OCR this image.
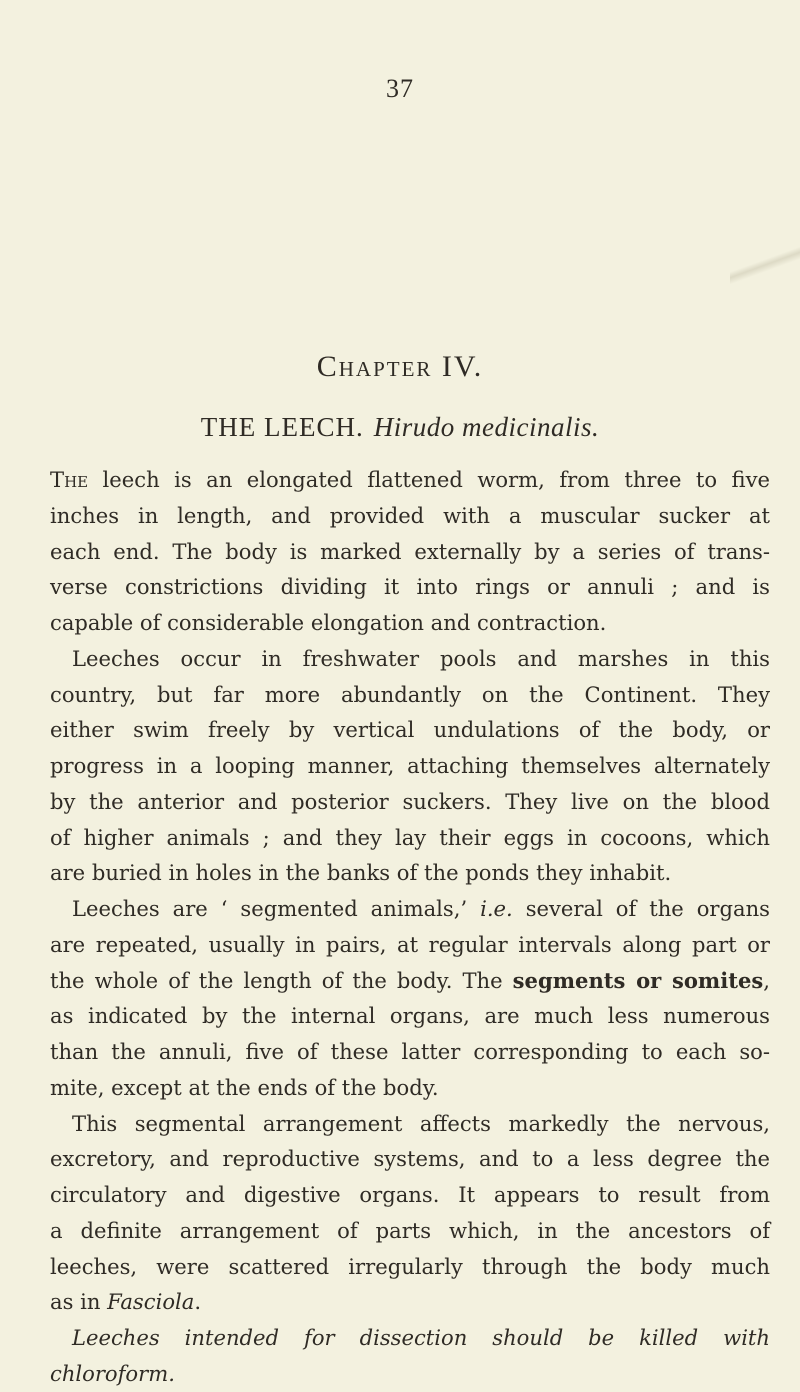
37
Chapter IV.
THE LEECH. Hirudo medicinalis.
The leech is an elongated flattened worm, from three to five
inches in length, and provided with a muscular sucker at
each end. The body is marked externally by a series of trans-
verse constrictions dividing it into rings or annuli ; and is
capable of considerable elongation and contraction.
Leeches occur in freshwater pools and marshes in this
country, but far more abundantly on the Continent. They
either swim freely by vertical undulations of the body, or
progress in a looping manner, attaching themselves alternately
by the anterior and posterior suckers. They live on the blood
of higher animals ; and they lay their eggs in cocoons, which
are buried in holes in the banks of the ponds they inhabit.
Leeches are ‘ segmented animals,’ i.e. several of the organs
are repeated, usually in pairs, at regular intervals along part or
the whole of the length of the body. The segments or somites,
as indicated by the internal organs, are much less numerous
than the annuli, five of these latter corresponding to each so-
mite, except at the ends of the body.
This segmental arrangement affects markedly the nervous,
excretory, and reproductive systems, and to a less degree the
circulatory and digestive organs. It appears to result from
a definite arrangement of parts which, in the ancestors of
leeches, were scattered irregularly through the body much
as in Fasciola.
Leeches intended for dissection should be killed with
chloroform.
